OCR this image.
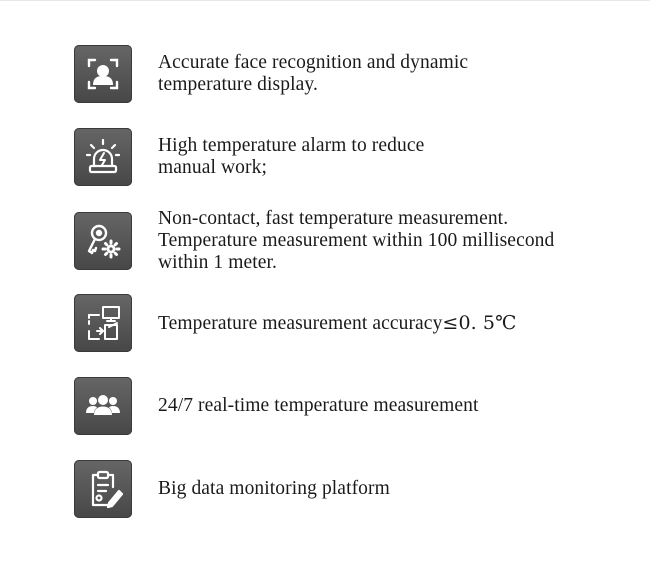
Accurate face recognition and dynamic
temperature display.
High temperature alarm to reduce
manual work;
Non-contact, fast temperature measurement.
Temperature measurement within 100 millisecond
within 1 meter.
Temperature measurement accuracy≤0. 5℃
24/7 real-time temperature measurement
Big data monitoring platform
